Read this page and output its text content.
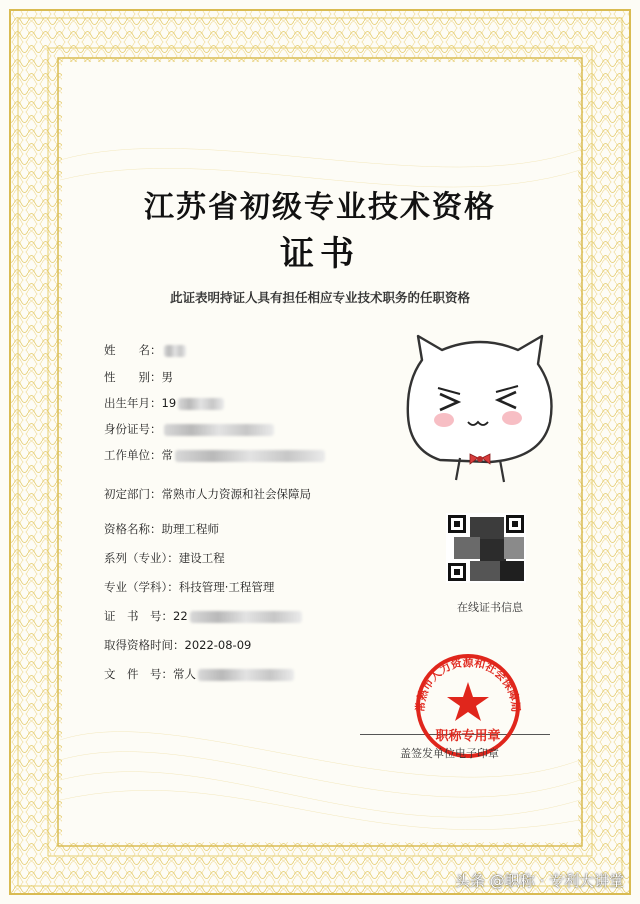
江苏省初级专业技术资格
证书
此证表明持证人具有担任相应专业技术职务的任职资格
姓　　名：
性　　别： 男
出生年月： 19
身份证号：
工作单位： 常
初定部门： 常熟市人力资源和社会保障局
资格名称： 助理工程师
系列（专业）： 建设工程
专业（学科）： 科技管理·工程管理
证　书　号： 22
取得资格时间： 2022-08-09
文　件　号： 常人
在线证书信息
常熟市人力资源和社会保障局
职称专用章
盖签发单位电子印章
头条 @职称 · 专利大讲堂
